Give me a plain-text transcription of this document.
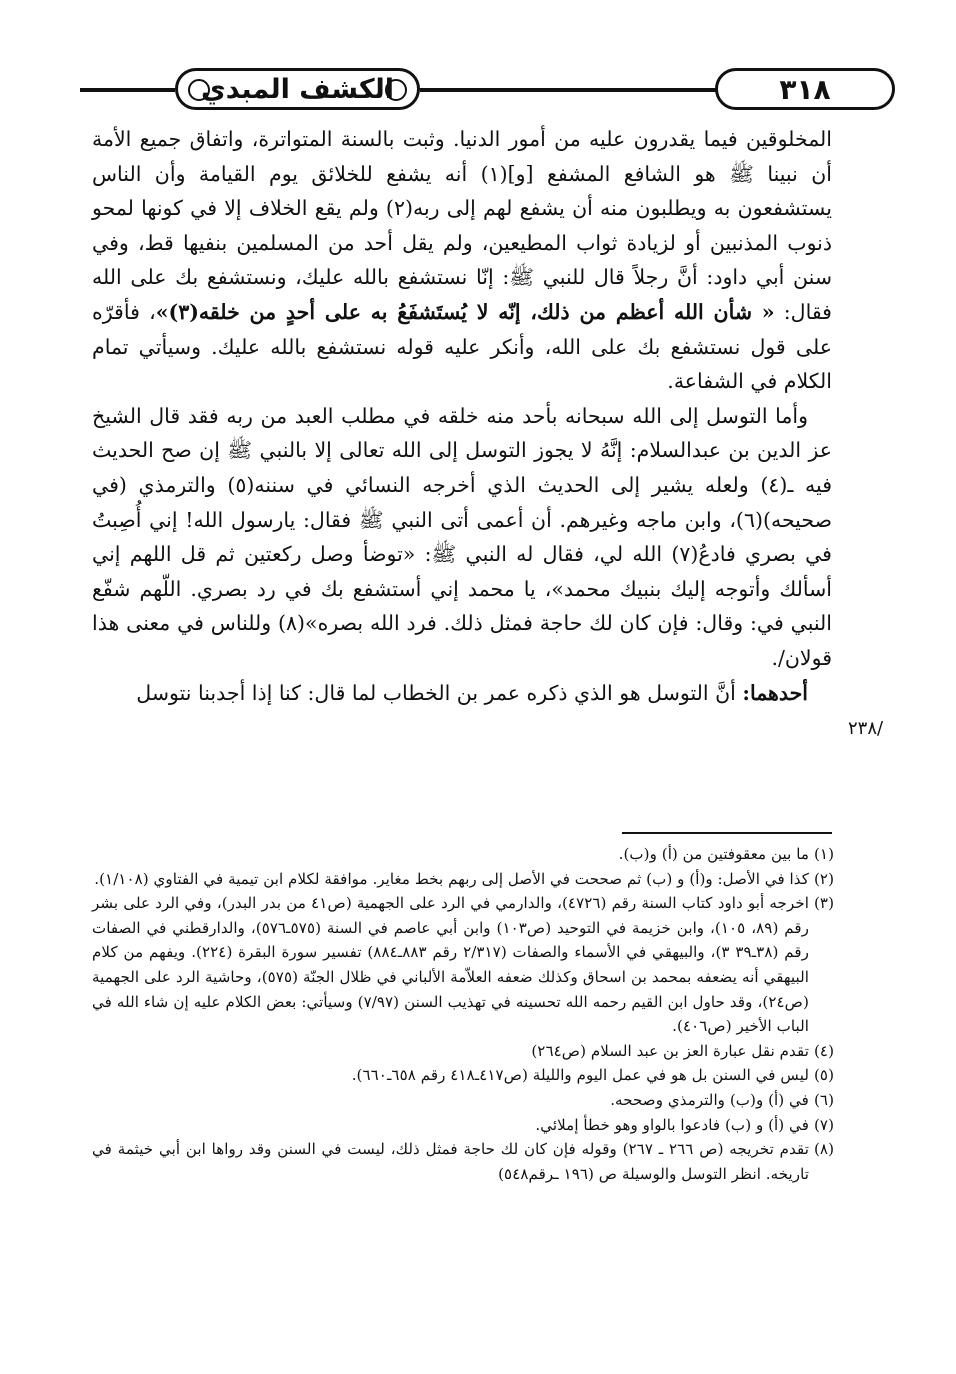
الكشف المبدي	٣١٨

المخلوقين فيما يقدرون عليه من أمور الدنيا. وثبت بالسنة المتواترة، واتفاق جميع الأمة أن نبينا ﷺ هو الشافع المشفع [و](١) أنه يشفع للخلائق يوم القيامة وأن الناس يستشفعون به ويطلبون منه أن يشفع لهم إلى ربه(٢) ولم يقع الخلاف إلا في كونها لمحو ذنوب المذنبين أو لزيادة ثواب المطيعين، ولم يقل أحد من المسلمين بنفيها قط، وفي سنن أبي داود: أنَّ رجلاً قال للنبي ﷺ: إنّا نستشفع بالله عليك، ونستشفع بك على الله فقال: « شأن الله أعظم من ذلك، إنّه لا يُستَشفَعُ به على أحدٍ من خلقه(٣)»، فأقرّه على قول نستشفع بك على الله، وأنكر عليه قوله نستشفع بالله عليك. وسيأتي تمام الكلام في الشفاعة.

وأما التوسل إلى الله سبحانه بأحد منه خلقه في مطلب العبد من ربه فقد قال الشيخ عز الدين بن عبدالسلام: إنَّهُ لا يجوز التوسل إلى الله تعالى إلا بالنبي ﷺ إن صح الحديث فيه ـ(٤) ولعله يشير إلى الحديث الذي أخرجه النسائي في سننه(٥) والترمذي (في صحيحه)(٦)، وابن ماجه وغيرهم. أن أعمى أتى النبي ﷺ فقال: يارسول الله! إني أُصِبتُ في بصري فادعُ(٧) الله لي، فقال له النبي ﷺ: «توضأ وصل ركعتين ثم قل اللهم إني أسألك وأتوجه إليك بنبيك محمد»، يا محمد إني أستشفع بك في رد بصري. اللّهم شفّع النبي في: وقال: فإن كان لك حاجة فمثل ذلك. فرد الله بصره»(٨) وللناس في معنى هذا قولان/.

أحدهما: أنَّ التوسل هو الذي ذكره عمر بن الخطاب لما قال: كنا إذا أجدبنا نتوسل

/٢٣٨
(١)
ما بين معقوفتين من (أ) و(ب).
(٢)
كذا في الأصل: و(أ) و (ب) ثم صححت في الأصل إلى ربهم بخط مغاير. موافقة لكلام ابن تيمية في الفتاوي (١/١٠٨).
(٣)
اخرجه أبو داود كتاب السنة رقم (٤٧٢٦)، والدارمي في الرد على الجهمية (ص٤١ من بدر البدر)، وفي الرد على بشر رقم (٨٩، ١٠٥)، وابن خزيمة في التوحيد (ص١٠٣) وابن أبي عاصم في السنة (٥٧٥ـ٥٧٦)، والدارقطني في الصفات رقم (٣٨ـ٣٩ ٣)، والبيهقي في الأسماء والصفات (٢/٣١٧ رقم ٨٨٣ـ٨٨٤) تفسير سورة البقرة (٢٢٤). ويفهم من كلام البيهقي أنه يضعفه بمحمد بن اسحاق وكذلك ضعفه العلاّمة الألباني في ظلال الجنّة (٥٧٥)، وحاشية الرد على الجهمية (ص٢٤)، وقد حاول ابن القيم رحمه الله تحسينه في تهذيب السنن (٧/٩٧) وسيأتي: بعض الكلام عليه إن شاء الله في الباب الأخير (ص٤٠٦).
(٤)
تقدم نقل عبارة العز بن عبد السلام (ص٢٦٤)
(٥)
ليس في السنن بل هو في عمل اليوم والليلة (ص٤١٧ـ٤١٨ رقم ٦٥٨ـ٦٦٠).
(٦)
في (أ) و(ب) والترمذي وصححه.
(٧)
في (أ) و (ب) فادعوا بالواو وهو خطأ إملائي.
(٨)
تقدم تخريجه (ص ٢٦٦ ـ ٢٦٧) وقوله فإن كان لك حاجة فمثل ذلك، ليست في السنن وقد رواها ابن أبي خيثمة في تاريخه. انظر التوسل والوسيلة ص (١٩٦ ـرقم٥٤٨)
